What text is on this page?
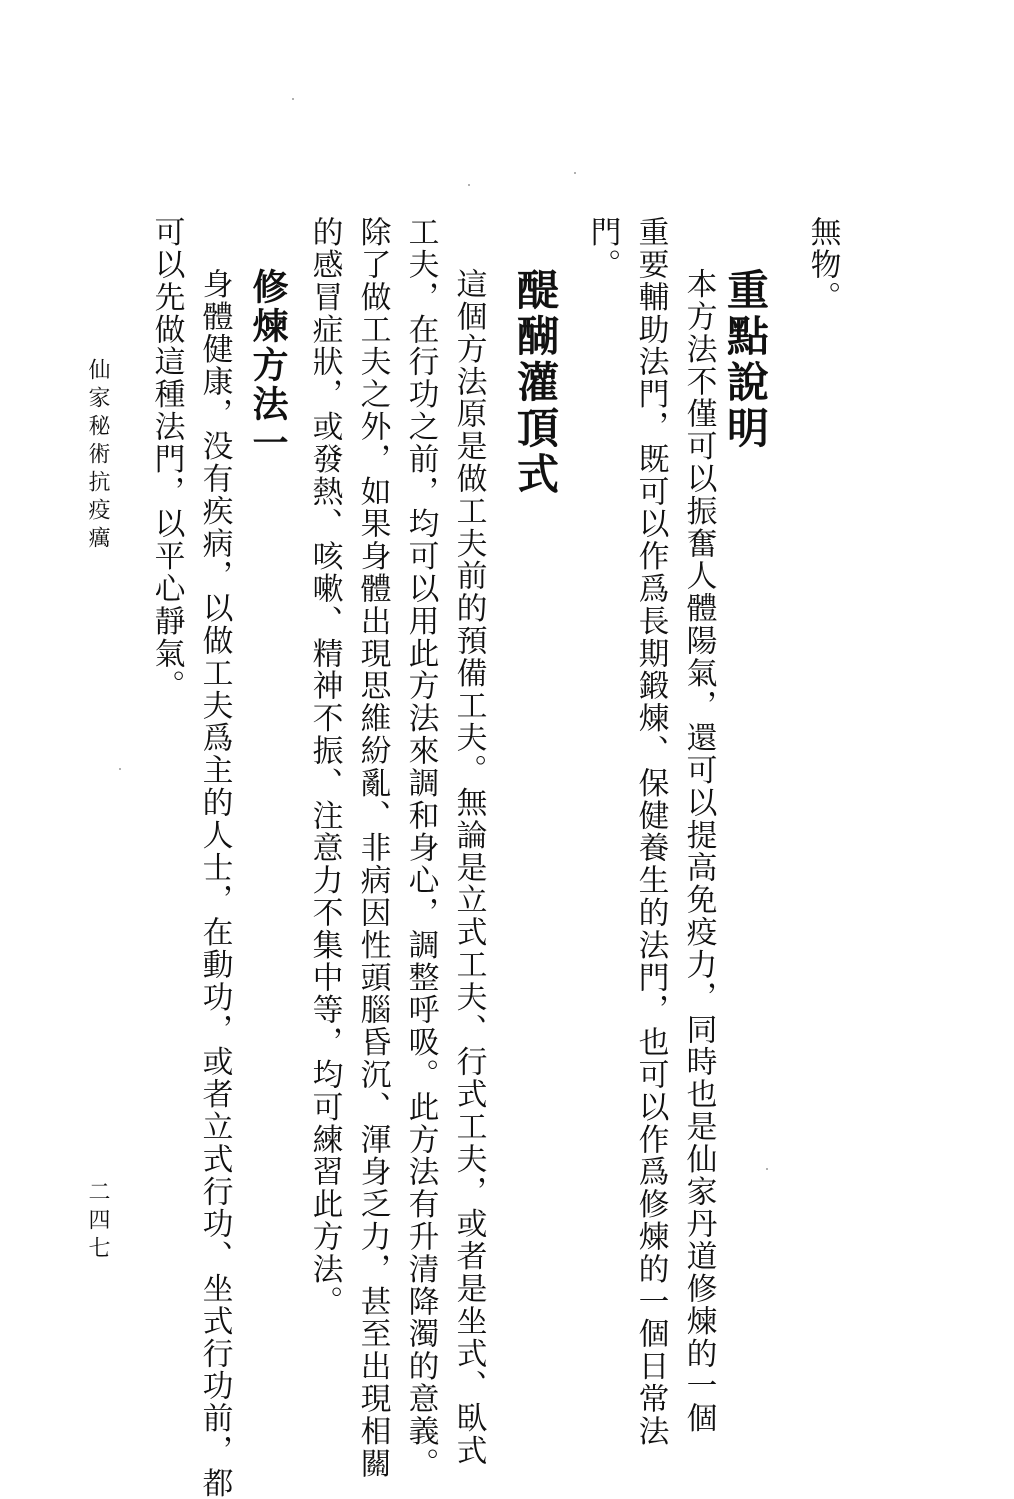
無物。
重點說明
本方法不僅可以振奮人體陽氣，還可以提高免疫力，同時也是仙家丹道修煉的一個
重要輔助法門，既可以作爲長期鍛煉、保健養生的法門，也可以作爲修煉的一個日常法
門。
醍醐灌頂式
這個方法原是做工夫前的預備工夫。無論是立式工夫、行式工夫，或者是坐式、臥式
工夫，在行功之前，均可以用此方法來調和身心，調整呼吸。此方法有升清降濁的意義。
除了做工夫之外，如果身體出現思維紛亂、非病因性頭腦昏沉、渾身乏力，甚至出現相關
的感冒症狀，或發熱、咳嗽、精神不振、注意力不集中等，均可練習此方法。
修煉方法一
身體健康，没有疾病，以做工夫爲主的人士，在動功，或者立式行功、坐式行功前，都
可以先做這種法門，以平心靜氣。
仙家秘術抗疫癘
二四七
